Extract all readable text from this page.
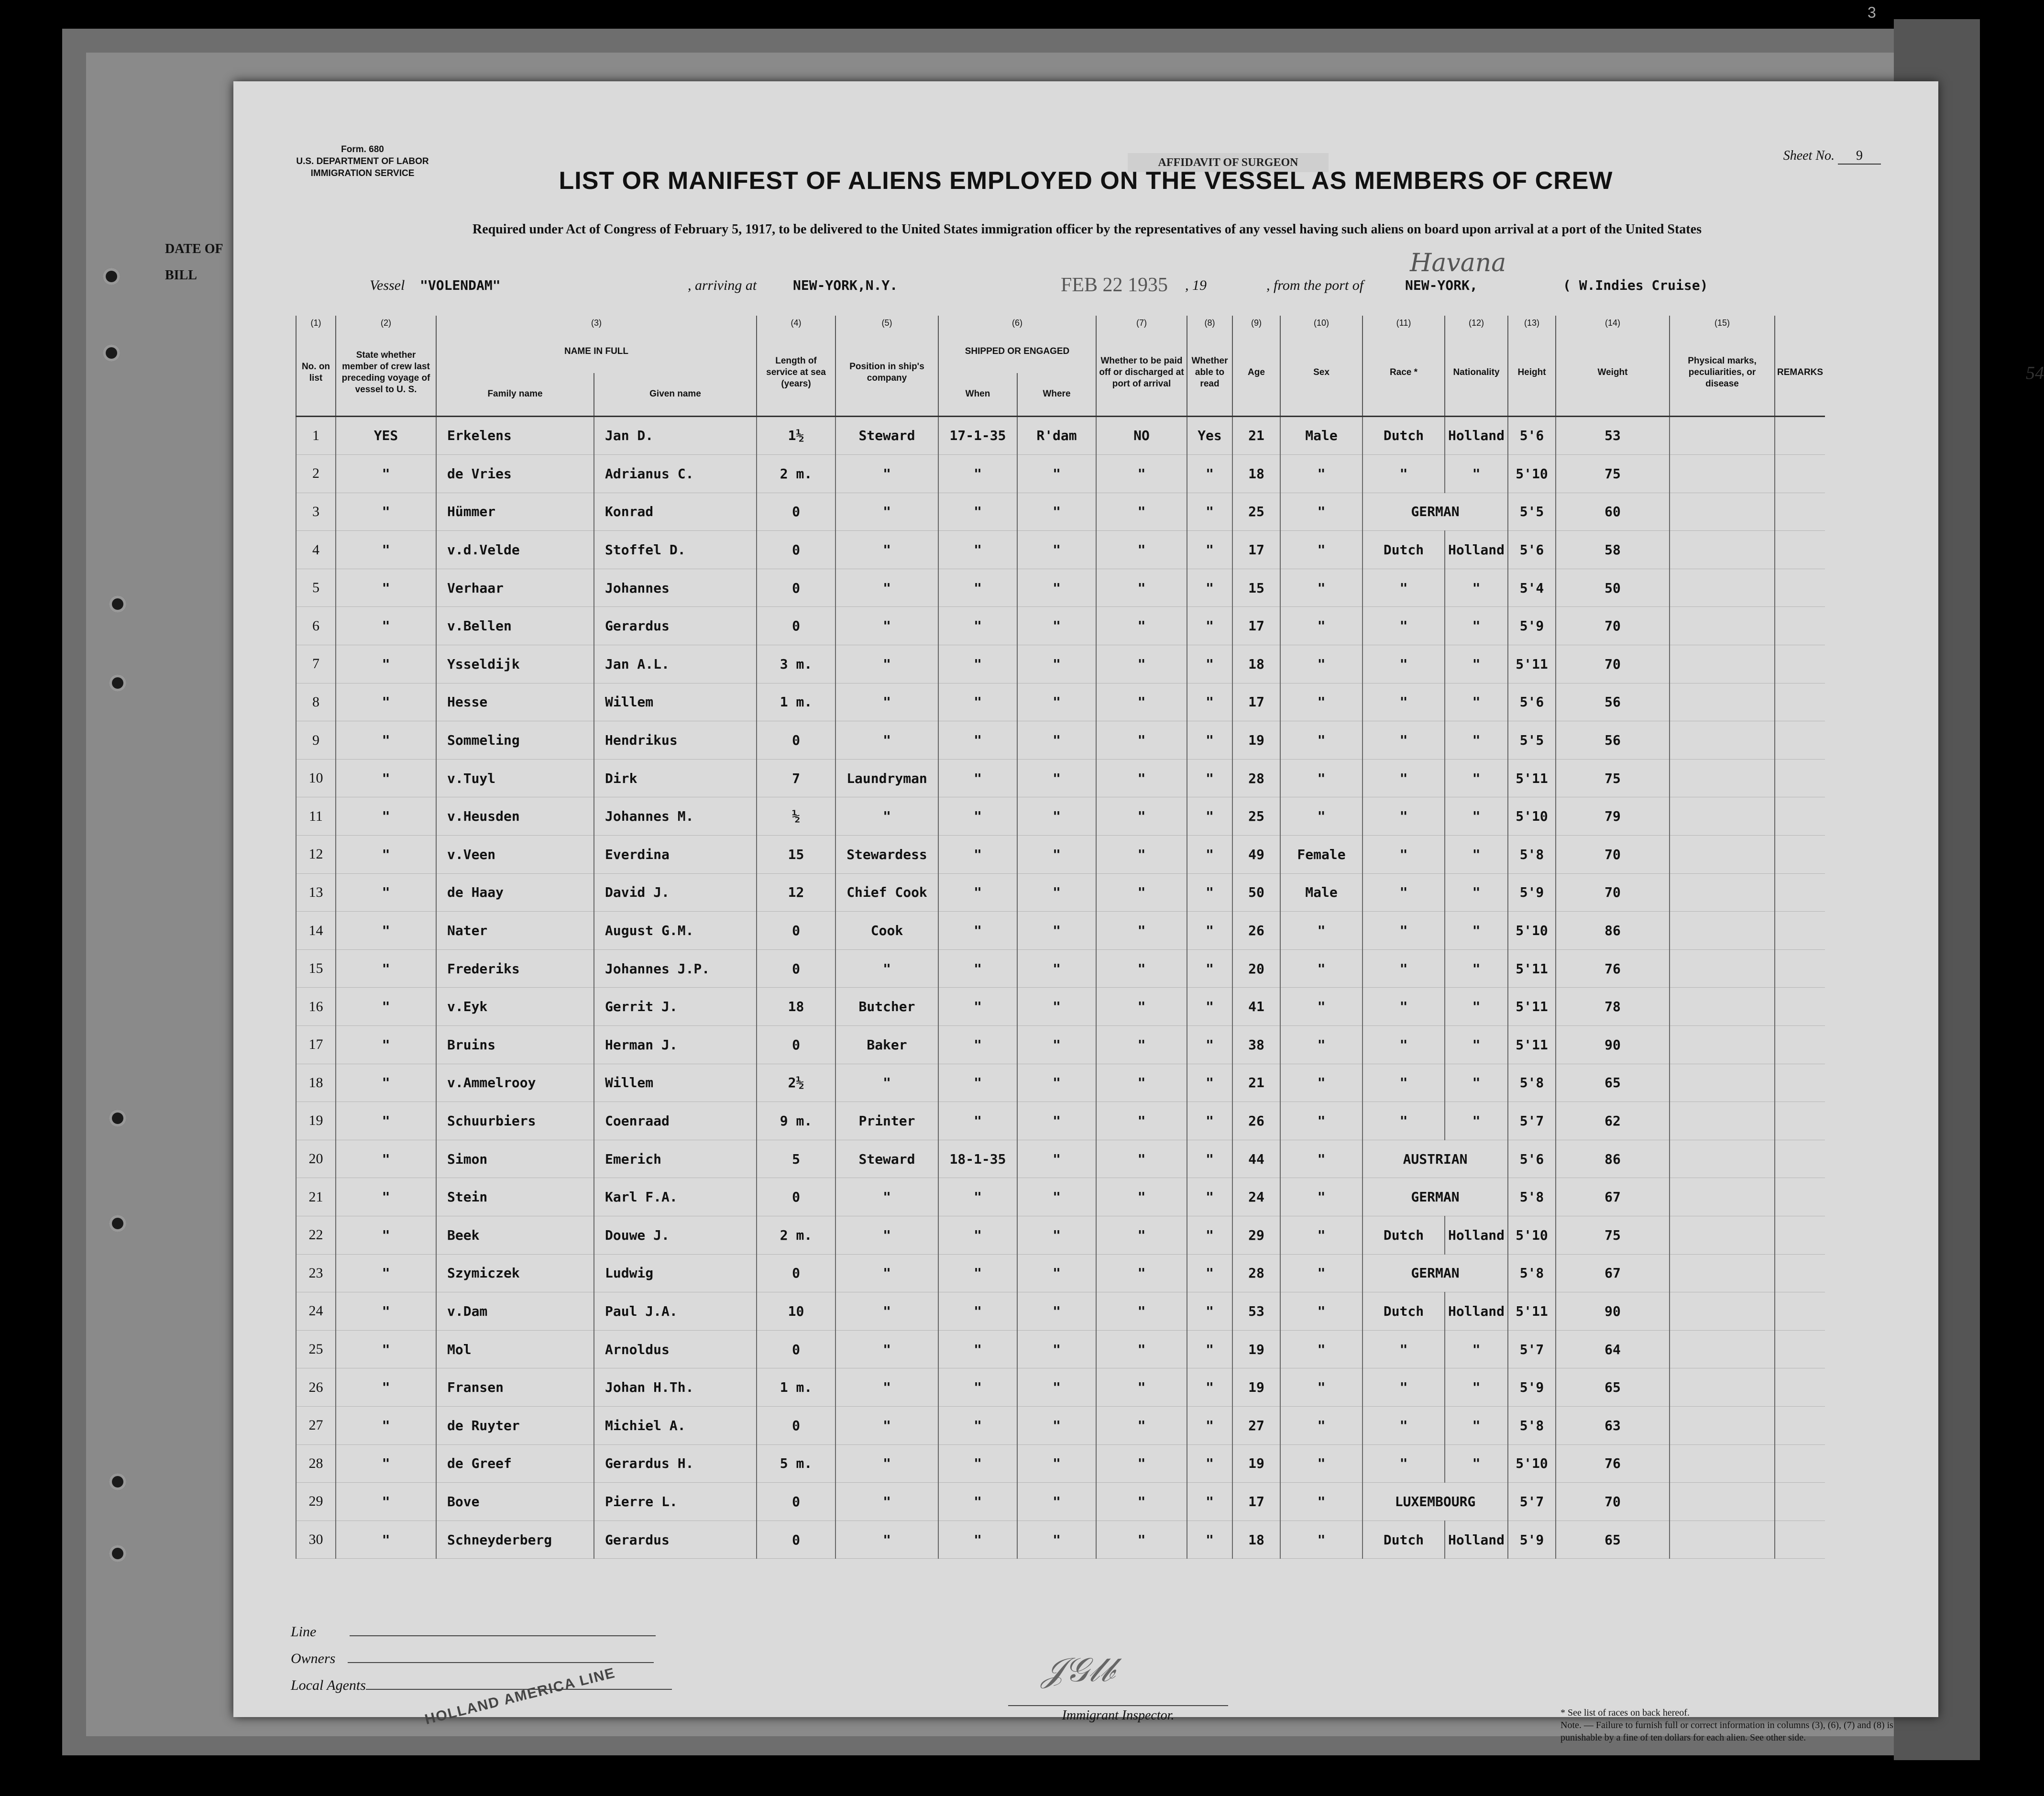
3
DATE OF
BILL
AFFIDAVIT OF SURGEON
Form. 680
U.S. DEPARTMENT OF LABOR
IMMIGRATION SERVICE
Sheet No. 9
LIST OR MANIFEST OF ALIENS EMPLOYED ON THE VESSEL AS MEMBERS OF CREW
Required under Act of Congress of February 5, 1917, to be delivered to the United States immigration officer by the representatives of any vessel having such aliens on board upon arrival at a port of the United States
Vessel "VOLENDAM"	, arriving at	NEW-YORK,N.Y.	FEB 22 1935 , 19	, from the port of
Havana
NEW-YORK,	( W.Indies Cruise)
54
(1)	(2)	(3)		(4)	(5)	(6)		(7)	(8)	(9)	(10)	(11)	(12)	(13)	(14)	(15)	
No. on list	State whether member of crew last preceding voyage of vessel to U. S.	NAME IN FULL		Length of service at sea (years)	Position in ship's company	SHIPPED OR ENGAGED		Whether to be paid off or discharged at port of arrival	Whether able to read	Age	Sex	Race *	Nationality	Height	Weight	Physical marks, peculiarities, or disease	REMARKS
		Family name	Given name			When	Where										
1	YES	Erkelens	Jan D.	1½	Steward	17-1-35	R'dam	NO	Yes	21	Male	Dutch	Holland	5'6	53		
2	"	de Vries	Adrianus C.	2 m.	"	"	"	"	"	18	"	"	"	5'10	75		
3	"	Hümmer	Konrad	0	"	"	"	"	"	25	"	GERMAN		5'5	60		
4	"	v.d.Velde	Stoffel D.	0	"	"	"	"	"	17	"	Dutch	Holland	5'6	58		
5	"	Verhaar	Johannes	0	"	"	"	"	"	15	"	"	"	5'4	50		
6	"	v.Bellen	Gerardus	0	"	"	"	"	"	17	"	"	"	5'9	70		
7	"	Ysseldijk	Jan A.L.	3 m.	"	"	"	"	"	18	"	"	"	5'11	70		
8	"	Hesse	Willem	1 m.	"	"	"	"	"	17	"	"	"	5'6	56		
9	"	Sommeling	Hendrikus	0	"	"	"	"	"	19	"	"	"	5'5	56		
10	"	v.Tuyl	Dirk	7	Laundryman	"	"	"	"	28	"	"	"	5'11	75		
11	"	v.Heusden	Johannes M.	½	"	"	"	"	"	25	"	"	"	5'10	79		
12	"	v.Veen	Everdina	15	Stewardess	"	"	"	"	49	Female	"	"	5'8	70		
13	"	de Haay	David J.	12	Chief Cook	"	"	"	"	50	Male	"	"	5'9	70		
14	"	Nater	August G.M.	0	Cook	"	"	"	"	26	"	"	"	5'10	86		
15	"	Frederiks	Johannes J.P.	0	"	"	"	"	"	20	"	"	"	5'11	76		
16	"	v.Eyk	Gerrit J.	18	Butcher	"	"	"	"	41	"	"	"	5'11	78		
17	"	Bruins	Herman J.	0	Baker	"	"	"	"	38	"	"	"	5'11	90		
18	"	v.Ammelrooy	Willem	2½	"	"	"	"	"	21	"	"	"	5'8	65		
19	"	Schuurbiers	Coenraad	9 m.	Printer	"	"	"	"	26	"	"	"	5'7	62		
20	"	Simon	Emerich	5	Steward	18-1-35	"	"	"	44	"	AUSTRIAN		5'6	86		
21	"	Stein	Karl F.A.	0	"	"	"	"	"	24	"	GERMAN		5'8	67		
22	"	Beek	Douwe J.	2 m.	"	"	"	"	"	29	"	Dutch	Holland	5'10	75		
23	"	Szymiczek	Ludwig	0	"	"	"	"	"	28	"	GERMAN		5'8	67		
24	"	v.Dam	Paul J.A.	10	"	"	"	"	"	53	"	Dutch	Holland	5'11	90		
25	"	Mol	Arnoldus	0	"	"	"	"	"	19	"	"	"	5'7	64		
26	"	Fransen	Johan H.Th.	1 m.	"	"	"	"	"	19	"	"	"	5'9	65		
27	"	de Ruyter	Michiel A.	0	"	"	"	"	"	27	"	"	"	5'8	63		
28	"	de Greef	Gerardus H.	5 m.	"	"	"	"	"	19	"	"	"	5'10	76		
29	"	Bove	Pierre L.	0	"	"	"	"	"	17	"	LUXEMBOURG		5'7	70		
30	"	Schneyderberg	Gerardus	0	"	"	"	"	"	18	"	Dutch	Holland	5'9	65		
𝒥𝒢𝓁𝒷
Immigrant Inspector.
HOLLAND AMERICA LINE
Line
Owners
Local Agents
* See list of races on back hereof.
Note. — Failure to furnish full or correct information in columns (3), (6), (7) and (8) is punishable by a fine of ten dollars for each alien. See other side.
